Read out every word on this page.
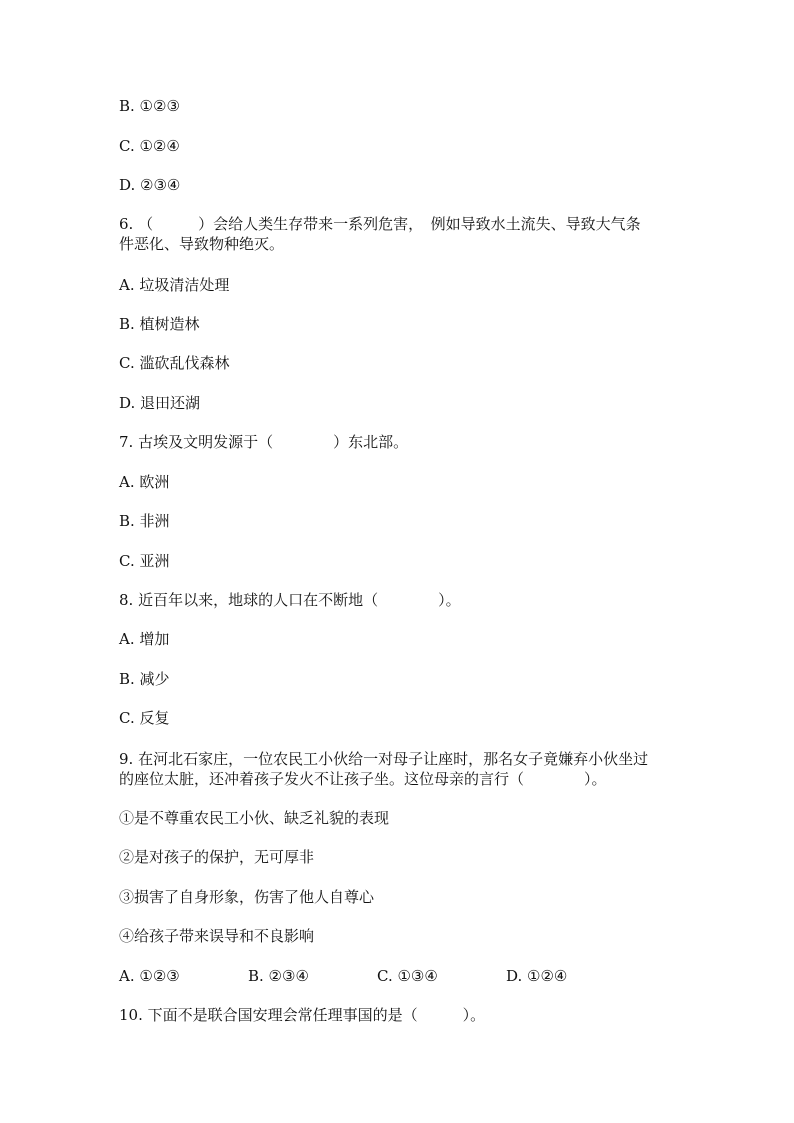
B. ①②③
C. ①②④
D. ②③④
6. （　　　）会给人类生存带来一系列危害，　例如导致水土流失、导致大气条
件恶化、导致物种绝灭。
A. 垃圾清洁处理
B. 植树造林
C. 滥砍乱伐森林
D. 退田还湖
7. 古埃及文明发源于（　　　　）东北部。
A. 欧洲
B. 非洲
C. 亚洲
8. 近百年以来，地球的人口在不断地（　　　　）。
A. 增加
B. 减少
C. 反复
9. 在河北石家庄，一位农民工小伙给一对母子让座时，那名女子竟嫌弃小伙坐过
的座位太脏，还冲着孩子发火不让孩子坐。这位母亲的言行（　　　　）。
①是不尊重农民工小伙、缺乏礼貌的表现
②是对孩子的保护，无可厚非
③损害了自身形象，伤害了他人自尊心
④给孩子带来误导和不良影响
A. ①②③	B. ②③④	C. ①③④	D. ①②④
10. 下面不是联合国安理会常任理事国的是（　　　）。
